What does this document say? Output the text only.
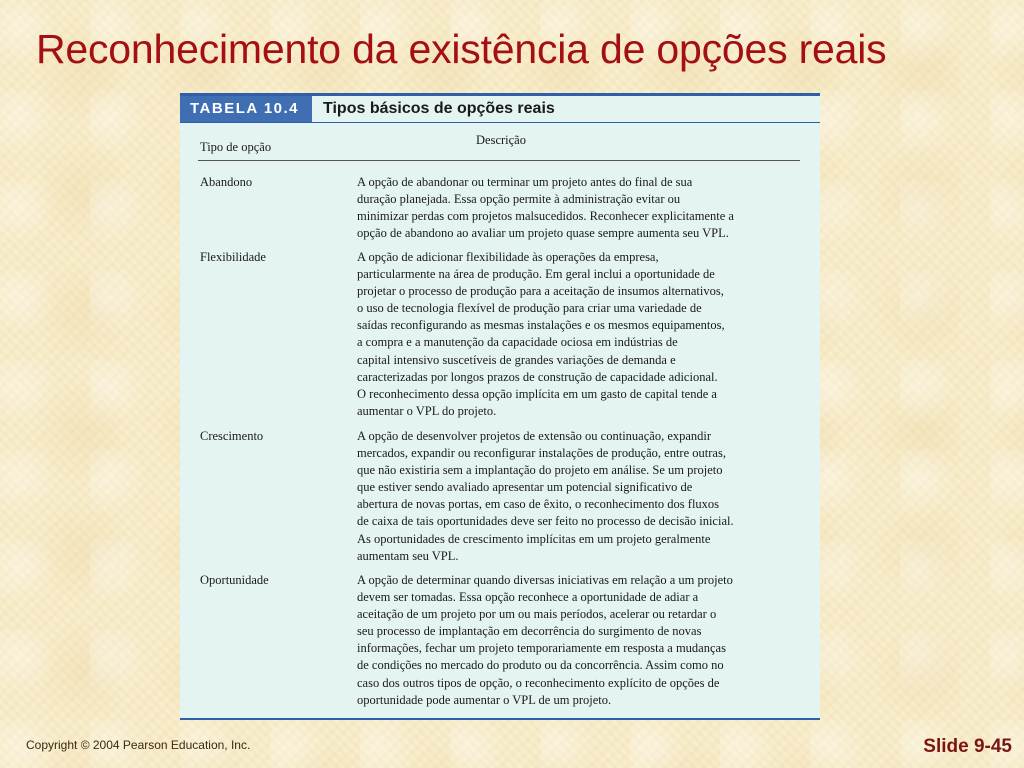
Reconhecimento da existência de opções reais
TABELA 10.4	Tipos básicos de opções reais
Tipo de opção	Descrição
Abandono	A opção de abandonar ou terminar um projeto antes do final de sua
duração planejada. Essa opção permite à administração evitar ou
minimizar perdas com projetos malsucedidos. Reconhecer explicitamente a
opção de abandono ao avaliar um projeto quase sempre aumenta seu VPL.
Flexibilidade	A opção de adicionar flexibilidade às operações da empresa,
particularmente na área de produção. Em geral inclui a oportunidade de
projetar o processo de produção para a aceitação de insumos alternativos,
o uso de tecnologia flexível de produção para criar uma variedade de
saídas reconfigurando as mesmas instalações e os mesmos equipamentos,
a compra e a manutenção da capacidade ociosa em indústrias de
capital intensivo suscetíveis de grandes variações de demanda e
caracterizadas por longos prazos de construção de capacidade adicional.
O reconhecimento dessa opção implícita em um gasto de capital tende a
aumentar o VPL do projeto.
Crescimento	A opção de desenvolver projetos de extensão ou continuação, expandir
mercados, expandir ou reconfigurar instalações de produção, entre outras,
que não existiria sem a implantação do projeto em análise. Se um projeto
que estiver sendo avaliado apresentar um potencial significativo de
abertura de novas portas, em caso de êxito, o reconhecimento dos fluxos
de caixa de tais oportunidades deve ser feito no processo de decisão inicial.
As oportunidades de crescimento implícitas em um projeto geralmente
aumentam seu VPL.
Oportunidade	A opção de determinar quando diversas iniciativas em relação a um projeto
devem ser tomadas. Essa opção reconhece a oportunidade de adiar a
aceitação de um projeto por um ou mais períodos, acelerar ou retardar o
seu processo de implantação em decorrência do surgimento de novas
informações, fechar um projeto temporariamente em resposta a mudanças
de condições no mercado do produto ou da concorrência. Assim como no
caso dos outros tipos de opção, o reconhecimento explícito de opções de
oportunidade pode aumentar o VPL de um projeto.
Copyright © 2004 Pearson Education, Inc.	Slide 9-45
